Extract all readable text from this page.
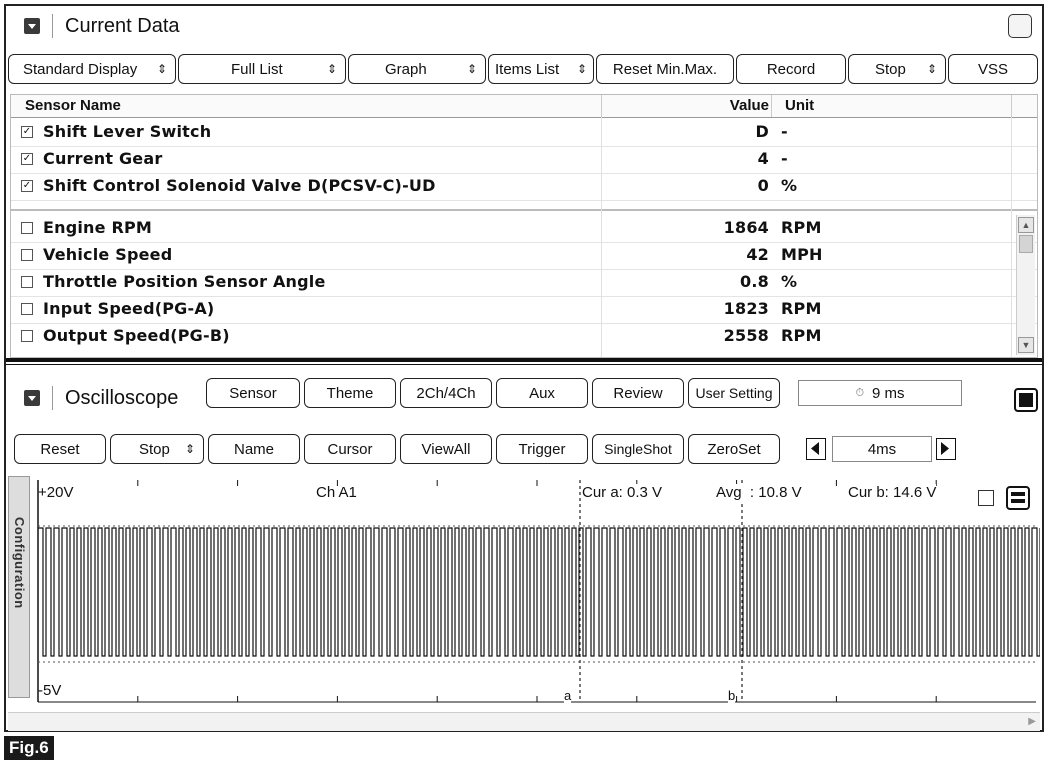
Current Data
Standard Display ⇕	Full List	⇕	Graph	⇕ Items List ⇕ Reset Min.Max.	Record	Stop ⇕	VSS
Sensor Name	Value Unit
✓ Shift Lever Switch	D -
✓ Current Gear	4 -
✓ Shift Control Solenoid Valve D(PCSV-C)-UD	0 %
Engine RPM	1864 RPM
Vehicle Speed	42 MPH
Throttle Position Sensor Angle	0.8 %
Input Speed(PG-A)	1823 RPM
Output Speed(PG-B)	2558 RPM
▲
▼
Oscilloscope	Sensor	Theme	2Ch/4Ch	Aux	Review User Setting	⏱ 9 ms
Reset	Stop ⇕	Name	Cursor	ViewAll	Trigger	SingleShot ZeroSet	4ms
Configuration
+20V
-5V
Ch A1	Cur a: 0.3 V	Avg  : 10.8 V	Cur b: 14.6 V
a	b
▶
Fig.6
